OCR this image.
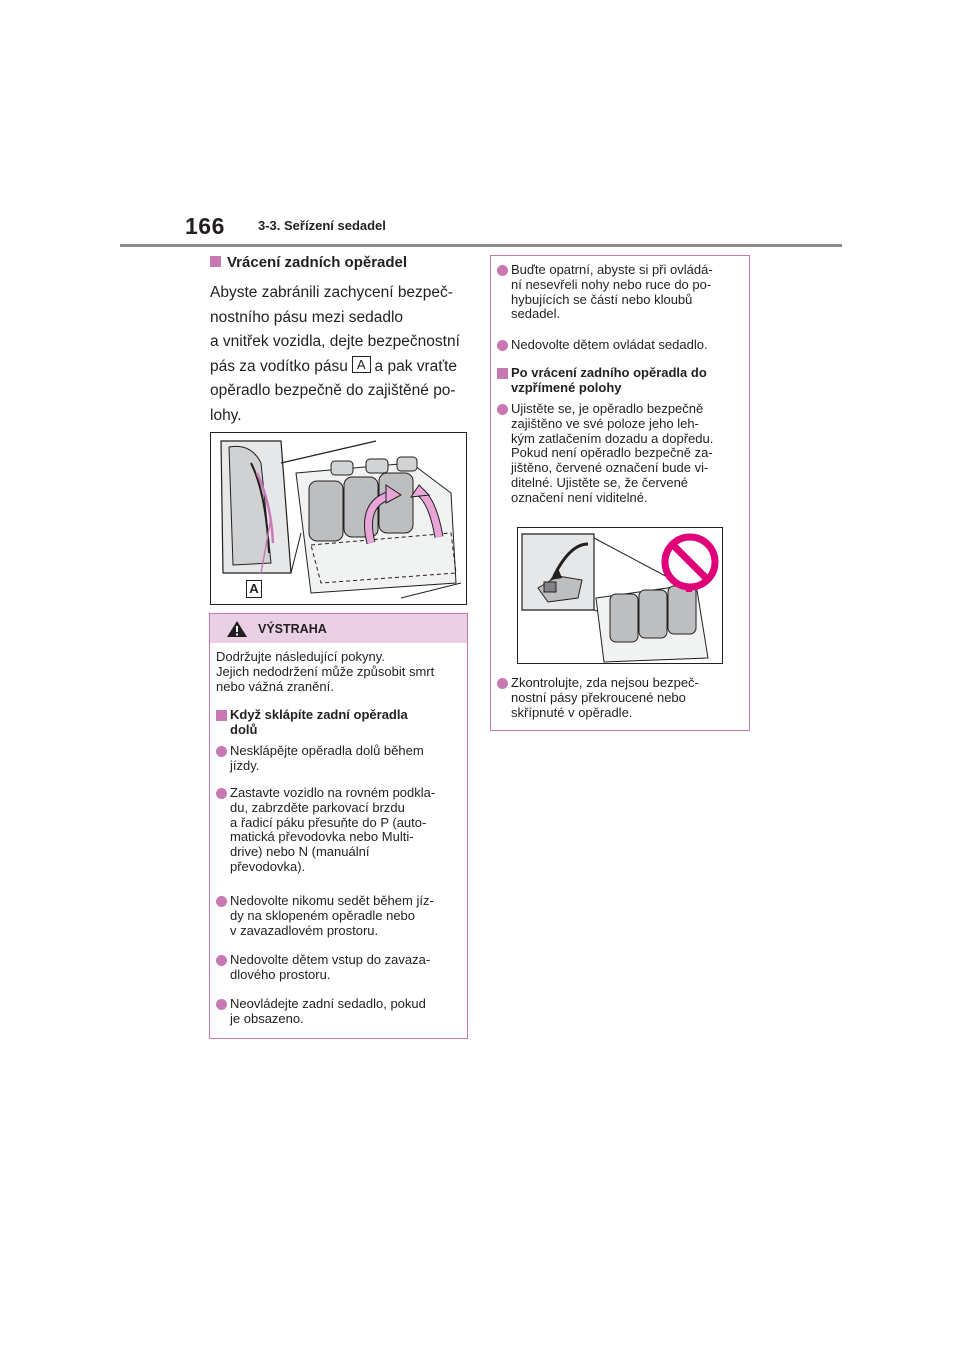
166	3-3. Seřízení sedadel
Vrácení zadních opěradel
Abyste zabránili zachycení bezpeč-
nostního pásu mezi sedadlo
a vnitřek vozidla, dejte bezpečnostní
pás za vodítko pásu A a pak vraťte
opěradlo bezpečně do zajištěné po-
lohy.
A
VÝSTRAHA
Dodržujte následující pokyny.
Jejich nedodržení může způsobit smrt
nebo vážná zranění.
Když sklápíte zadní opěradla
dolů
Nesklápějte opěradla dolů během
jízdy.
Zastavte vozidlo na rovném podkla-
du, zabrzděte parkovací brzdu
a řadicí páku přesuňte do P (auto-
matická převodovka nebo Multi-
drive) nebo N (manuální
převodovka).
Nedovolte nikomu sedět během jíz-
dy na sklopeném opěradle nebo
v zavazadlovém prostoru.
Nedovolte dětem vstup do zavaza-
dlového prostoru.
Neovládejte zadní sedadlo, pokud
je obsazeno.
Buďte opatrní, abyste si při ovládá-
ní nesevřeli nohy nebo ruce do po-
hybujících se částí nebo kloubů
sedadel.
Nedovolte dětem ovládat sedadlo.
Po vrácení zadního opěradla do
vzpřímené polohy
Ujistěte se, je opěradlo bezpečně
zajištěno ve své poloze jeho leh-
kým zatlačením dozadu a dopředu.
Pokud není opěradlo bezpečně za-
jištěno, červené označení bude vi-
ditelné. Ujistěte se, že červené
označení není viditelné.
Zkontrolujte, zda nejsou bezpeč-
nostní pásy překroucené nebo
skřípnuté v opěradle.
